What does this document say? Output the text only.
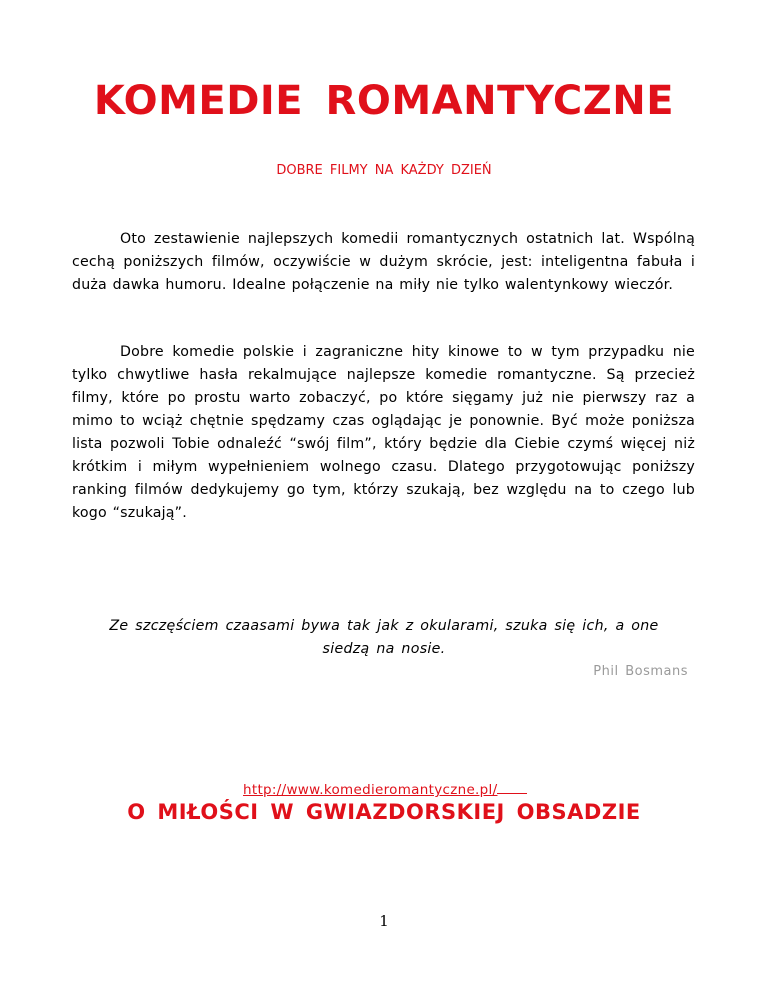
KOMEDIE ROMANTYCZNE

DOBRE FILMY NA KAŻDY DZIEŃ

Oto zestawienie najlepszych komedii romantycznych ostatnich lat. Wspólną cechą poniższych filmów, oczywiście w dużym skrócie, jest: inteligentna fabuła i duża dawka humoru. Idealne połączenie na miły nie tylko walentynkowy wieczór.

Dobre komedie polskie i zagraniczne hity kinowe to w tym przypadku nie tylko chwytliwe hasła rekalmujące najlepsze komedie romantyczne. Są przecież filmy, które po prostu warto zobaczyć, po które sięgamy już nie pierwszy raz a mimo to wciąż chętnie spędzamy czas oglądając je ponownie. Być może poniższa lista pozwoli Tobie odnaleźć “swój film”, który będzie dla Ciebie czymś więcej niż krótkim i miłym wypełnieniem wolnego czasu. Dlatego przygotowując poniższy ranking filmów dedykujemy go tym, którzy szukają, bez względu na to czego lub kogo “szukają”.

Ze szczęściem czaasami bywa tak jak z okularami, szuka się ich, a one siedzą na nosie.

Phil Bosmans

http://www.komedieromantyczne.pl/

O MIŁOŚCI W GWIAZDORSKIEJ OBSADZIE

1
